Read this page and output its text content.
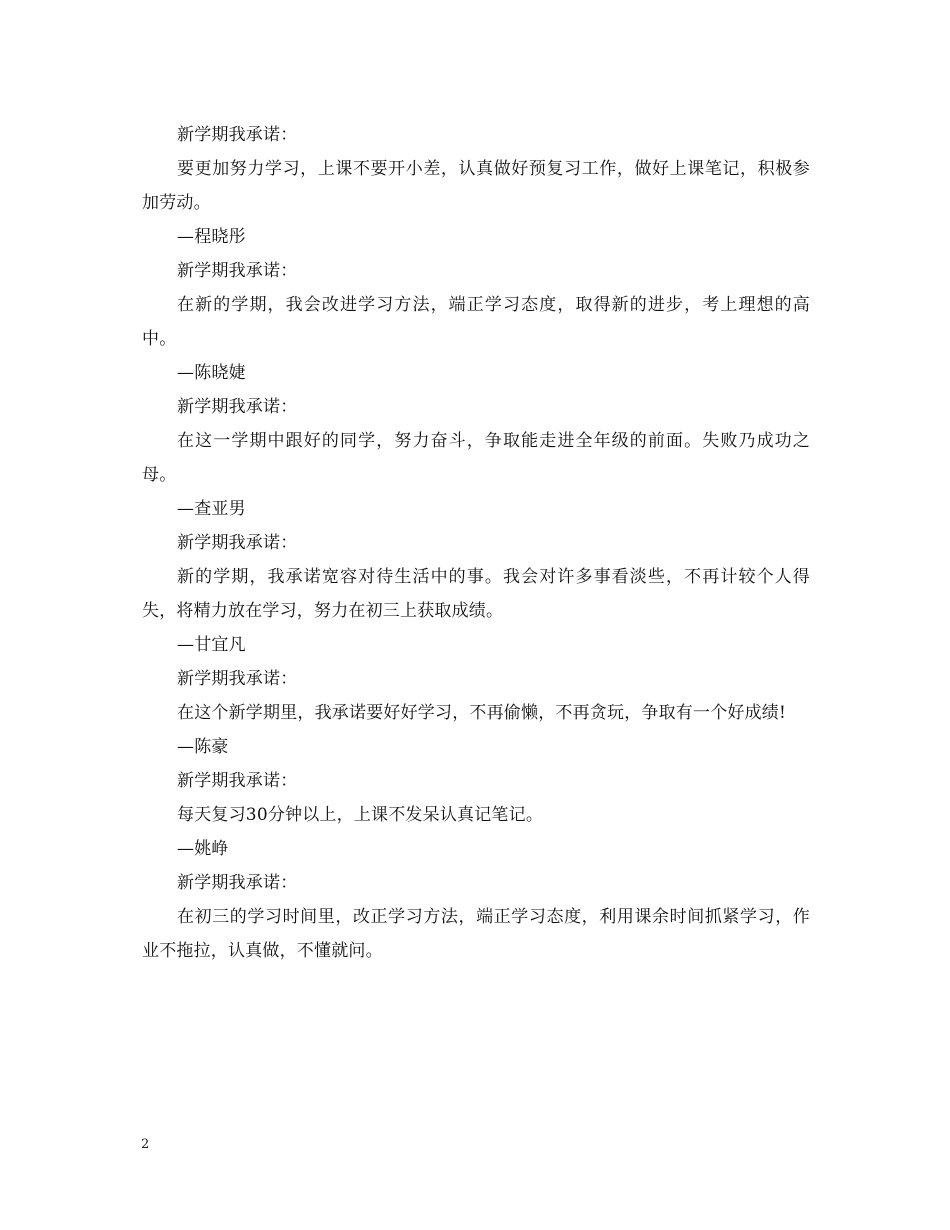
新学期我承诺：

要更加努力学习，上课不要开小差，认真做好预复习工作，做好上课笔记，积极参加劳动。

—程晓彤

新学期我承诺：

在新的学期，我会改进学习方法，端正学习态度，取得新的进步，考上理想的高中。

—陈晓婕

新学期我承诺：

在这一学期中跟好的同学，努力奋斗，争取能走进全年级的前面。失败乃成功之母。

—查亚男

新学期我承诺：

新的学期，我承诺宽容对待生活中的事。我会对许多事看淡些，不再计较个人得失，将精力放在学习，努力在初三上获取成绩。

—甘宜凡

新学期我承诺：

在这个新学期里，我承诺要好好学习，不再偷懒，不再贪玩，争取有一个好成绩!

—陈豪

新学期我承诺：

每天复习30分钟以上，上课不发呆认真记笔记。

—姚峥

新学期我承诺：

在初三的学习时间里，改正学习方法，端正学习态度，利用课余时间抓紧学习，作业不拖拉，认真做，不懂就问。

2
